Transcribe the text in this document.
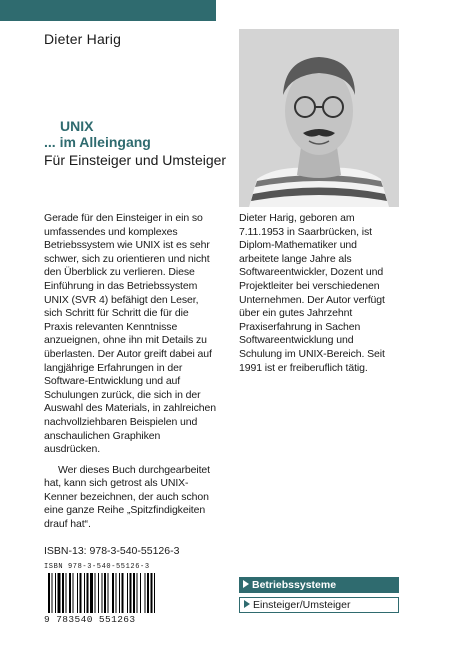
Dieter Harig
UNIX
... im Alleingang
Für Einsteiger und Umsteiger

Gerade für den Einsteiger in ein so umfassendes und komplexes Betriebssystem wie UNIX ist es sehr schwer, sich zu orientieren und nicht den Überblick zu verlieren. Diese Einführung in das Betriebssystem UNIX (SVR 4) befähigt den Leser, sich Schritt für Schritt die für die Praxis relevanten Kenntnisse anzueignen, ohne ihn mit Details zu überlasten. Der Autor greift dabei auf langjährige Erfahrungen in der Software-Entwicklung und auf Schulungen zurück, die sich in der Auswahl des Materials, in zahlreichen nachvollziehbaren Beispielen und anschaulichen Graphiken ausdrücken.

Wer dieses Buch durchgearbeitet hat, kann sich getrost als UNIX-Kenner bezeichnen, der auch schon eine ganze Reihe „Spitzfindigkeiten drauf hat“.

Dieter Harig, geboren am 7.11.1953 in Saarbrücken, ist Diplom-Mathematiker und arbeitete lange Jahre als Softwareentwickler, Dozent und Projektleiter bei verschiedenen Unternehmen. Der Autor verfügt über ein gutes Jahrzehnt Praxiserfahrung in Sachen Softwareentwicklung und Schulung im UNIX-Bereich. Seit 1991 ist er freiberuflich tätig.

ISBN-13: 978-3-540-55126-3
ISBN 978-3-540-55126-3
9 783540 551263
Betriebssysteme
Einsteiger/Umsteiger
